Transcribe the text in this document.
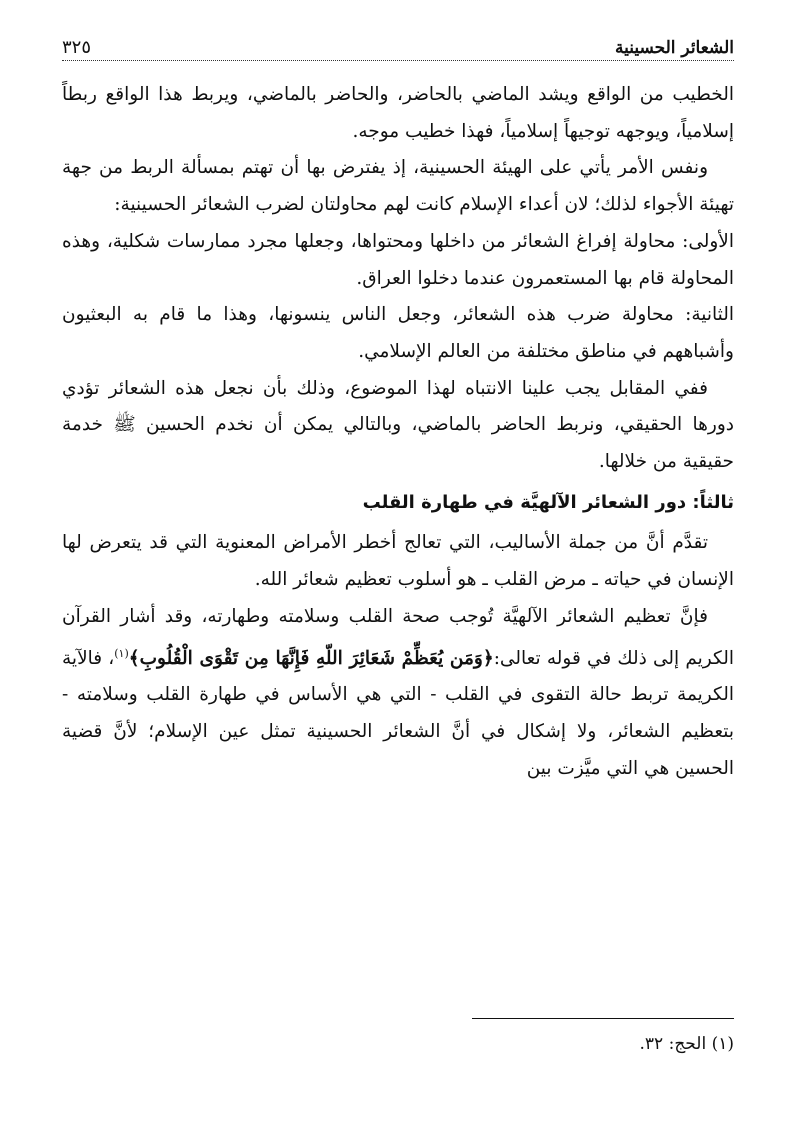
الشعائر الحسينية
٣٢٥

الخطيب من الواقع ويشد الماضي بالحاضر، والحاضر بالماضي، ويربط هذا الواقع ربطاً إسلامياً، ويوجهه توجيهاً إسلامياً، فهذا خطيب موجه.

ونفس الأمر يأتي على الهيئة الحسينية، إذ يفترض بها أن تهتم بمسألة الربط من جهة تهيئة الأجواء لذلك؛ لان أعداء الإسلام كانت لهم محاولتان لضرب الشعائر الحسينية:

الأولى: محاولة إفراغ الشعائر من داخلها ومحتواها، وجعلها مجرد ممارسات شكلية، وهذه المحاولة قام بها المستعمرون عندما دخلوا العراق.

الثانية: محاولة ضرب هذه الشعائر، وجعل الناس ينسونها، وهذا ما قام به البعثيون وأشباههم في مناطق مختلفة من العالم الإسلامي.

ففي المقابل يجب علينا الانتباه لهذا الموضوع، وذلك بأن نجعل هذه الشعائر تؤدي دورها الحقيقي، ونربط الحاضر بالماضي، وبالتالي يمكن أن نخدم الحسين ﷺ خدمة حقيقية من خلالها.

ثالثاً: دور الشعائر الآلهيَّة في طهارة القلب

تقدَّم أنَّ من جملة الأساليب، التي تعالج أخطر الأمراض المعنوية التي قد يتعرض لها الإنسان في حياته ـ مرض القلب ـ هو أسلوب تعظيم شعائر الله.

فإنَّ تعظيم الشعائر الآلهيَّة تُوجب صحة القلب وسلامته وطهارته، وقد أشار القرآن الكريم إلى ذلك في قوله تعالى:﴿وَمَن يُعَظِّمْ شَعَائِرَ اللّهِ فَإِنَّهَا مِن تَقْوَى الْقُلُوبِ﴾$^{(١)}$، فالآية الكريمة تربط حالة التقوى في القلب - التي هي الأساس في طهارة القلب وسلامته - بتعظيم الشعائر، ولا إشكال في أنَّ الشعائر الحسينية تمثل عين الإسلام؛ لأنَّ قضية الحسين هي التي ميَّزت بين

(١) الحج: ٣٢.
